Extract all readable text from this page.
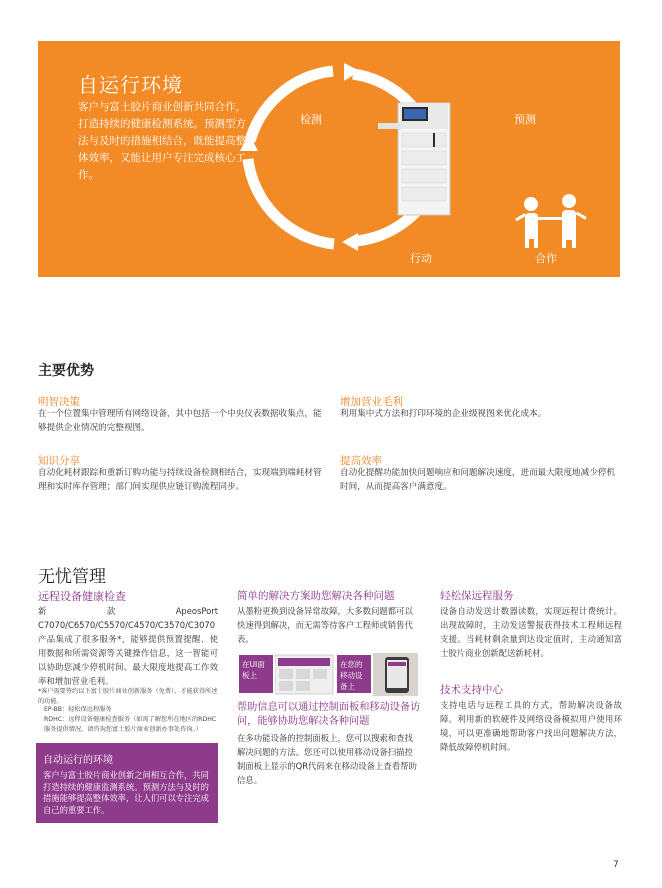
自运行环境
客户与富士胶片商业创新共同合作，打造持续的健康检测系统。预测型方法与及时的措施相结合，既能提高整体效率，又能让用户专注完成核心工作。
检测	预测
行动	合作
主要优势
明智决策
在一个位置集中管理所有网络设备，其中包括一个中央仪表数据收集点，能够提供企业情况的完整视图。
增加营业毛利
利用集中式方法和打印环境的企业级视图来优化成本。
知识分享
自动化耗材跟踪和重新订购功能与持续设备检测相结合，实现端到端耗材管理和实时库存管理；部门间实现供应链订购流程同步。
提高效率
自动化提醒功能加快问题响应和问题解决速度，进而最大限度地减少停机时间，从而提高客户满意度。
无忧管理
远程设备健康检查
新款ApeosPort C7070/C6570/C5570/C4570/C3570/C3070产品集成了很多服务*，能够提供预置提醒、使用数据和所需资源等关键操作信息，这一智能可以协助您减少停机时间、最大限度地提高工作效率和增加营业毛利。
*客户需要签约以下富士胶片商业创新服务（免费），才能获得所述的功能。
EP-BB：轻松保远程服务
RDHC：远程设备健康检查服务（如需了解您所在地区的RDHC服务提供情况，请咨询您富士胶片商业创新办事处咨询。）
自动运行的环境
客户与富士胶片商业创新之间相互合作，共同打造持续的健康监测系统。预测方法与及时的措施能够提高整体效率，让人们可以专注完成自己的重要工作。
简单的解决方案助您解决各种问题
从墨粉更换到设备异常故障，大多数问题都可以快速得到解决，而无需等待客户工程师或销售代表。
在UI面板上
在您的移动设备上
帮助信息可以通过控制面板和移动设备访问，能够协助您解决各种问题
在多功能设备的控制面板上，您可以搜索和查找解决问题的方法。您还可以使用移动设备扫描控制面板上显示的QR代码来在移动设备上查看帮助信息。
轻松保远程服务
设备自动发送计数器读数，实现远程计费统计。出现故障时，主动发送警报获得技术工程师远程支援。当耗材剩余量到达设定值时，主动通知富士胶片商业创新配送新耗材。
技术支持中心
支持电话与远程工具的方式，帮助解决设备故障。利用新的软硬件及网络设备模拟用户使用环境，可以更准确地帮助客户找出问题解决方法，降低故障停机时间。
7
